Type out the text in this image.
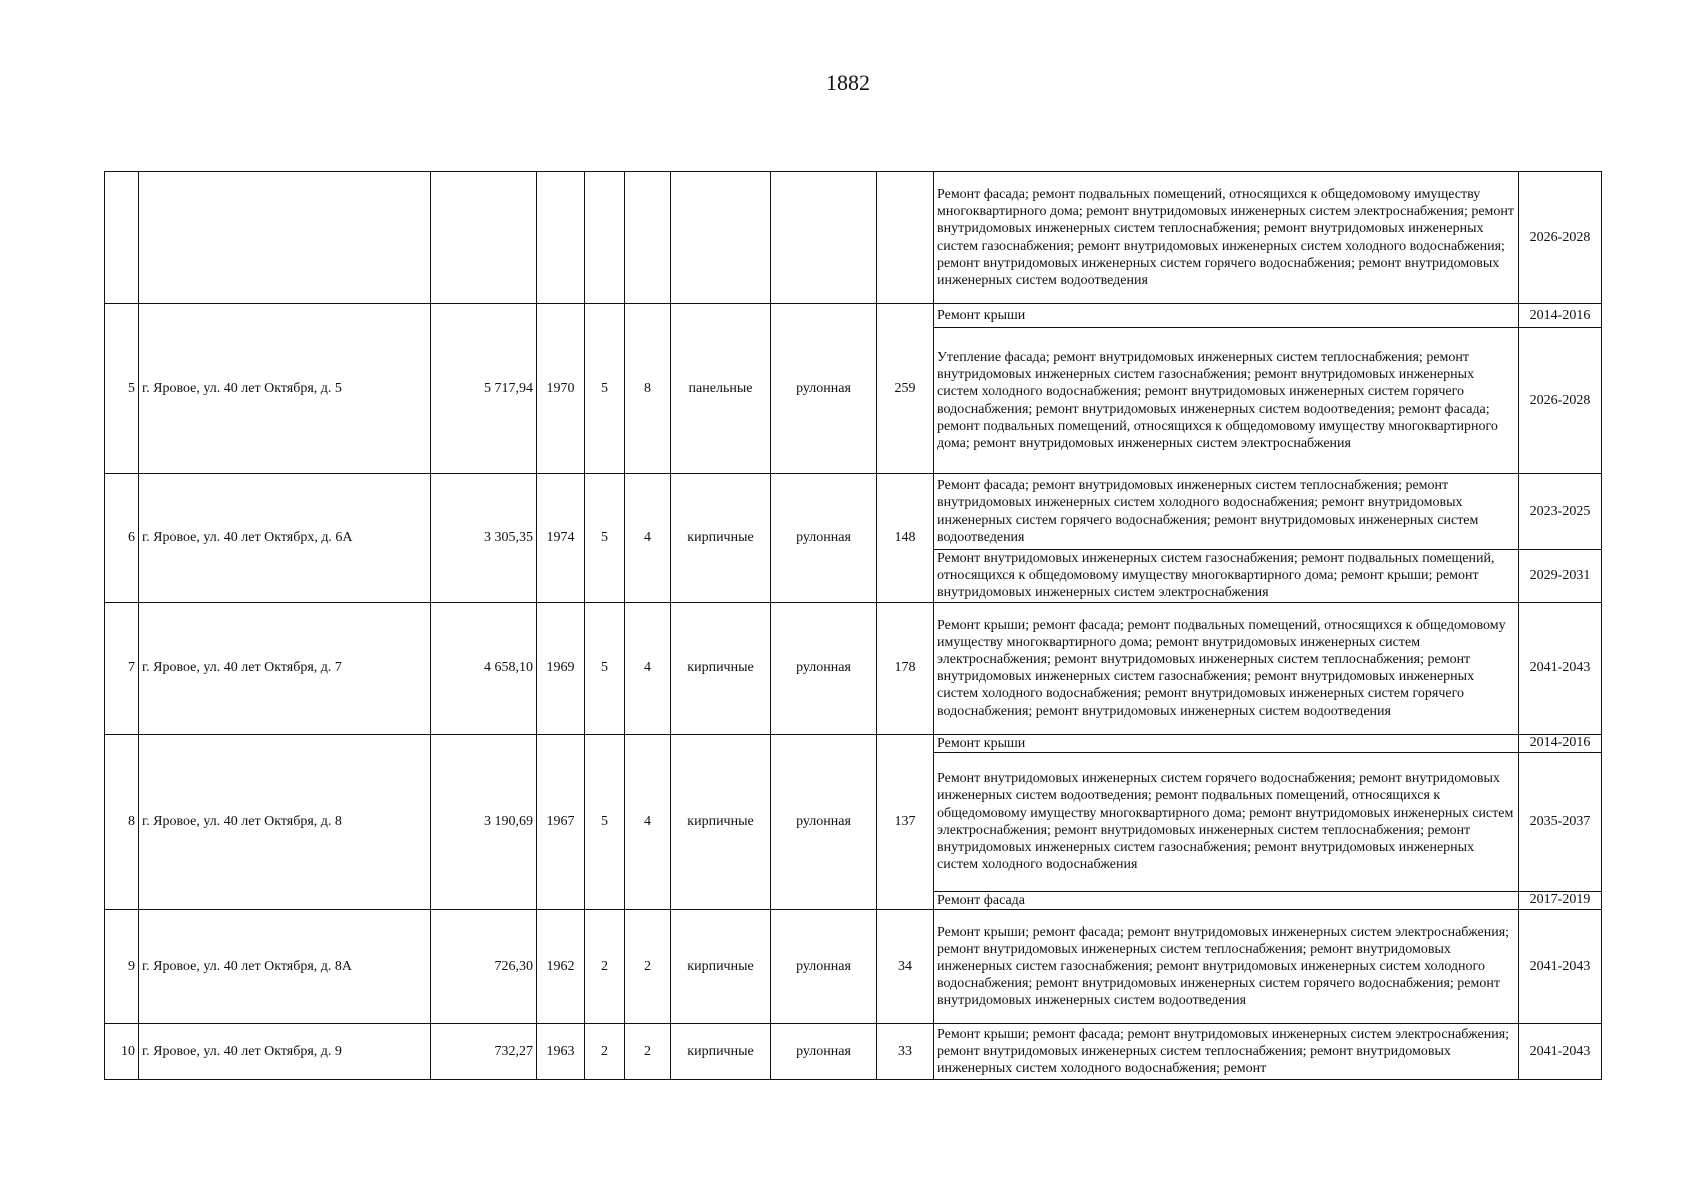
1882
									Ремонт фасада; ремонт подвальных помещений, относящихся к общедомовому имуществу многоквартирного дома; ремонт внутридомовых инженерных систем электроснабжения; ремонт внутридомовых инженерных систем теплоснабжения; ремонт внутридомовых инженерных систем газоснабжения; ремонт внутридомовых инженерных систем холодного водоснабжения; ремонт внутридомовых инженерных систем горячего водоснабжения; ремонт внутридомовых инженерных систем водоотведения	2026-2028
5	г. Яровое, ул. 40 лет Октября, д. 5	5 717,94	1970	5	8	панельные	рулонная	259	Ремонт крыши	2014-2016
									Утепление фасада; ремонт внутридомовых инженерных систем теплоснабжения; ремонт внутридомовых инженерных систем газоснабжения; ремонт внутридомовых инженерных систем холодного водоснабжения; ремонт внутридомовых инженерных систем горячего водоснабжения; ремонт внутридомовых инженерных систем водоотведения; ремонт фасада; ремонт подвальных помещений, относящихся к общедомовому имуществу многоквартирного дома; ремонт внутридомовых инженерных систем электроснабжения	2026-2028
6	г. Яровое, ул. 40 лет Октябрх, д. 6А	3 305,35	1974	5	4	кирпичные	рулонная	148	Ремонт фасада; ремонт внутридомовых инженерных систем теплоснабжения; ремонт внутридомовых инженерных систем холодного водоснабжения; ремонт внутридомовых инженерных систем горячего водоснабжения; ремонт внутридомовых инженерных систем водоотведения	2023-2025
									Ремонт внутридомовых инженерных систем газоснабжения; ремонт подвальных помещений, относящихся к общедомовому имуществу многоквартирного дома; ремонт крыши; ремонт внутридомовых инженерных систем электроснабжения	2029-2031
7	г. Яровое, ул. 40 лет Октября, д. 7	4 658,10	1969	5	4	кирпичные	рулонная	178	Ремонт крыши; ремонт фасада; ремонт подвальных помещений, относящихся к общедомовому имуществу многоквартирного дома; ремонт внутридомовых инженерных систем электроснабжения; ремонт внутридомовых инженерных систем теплоснабжения; ремонт внутридомовых инженерных систем газоснабжения; ремонт внутридомовых инженерных систем холодного водоснабжения; ремонт внутридомовых инженерных систем горячего водоснабжения; ремонт внутридомовых инженерных систем водоотведения	2041-2043
8	г. Яровое, ул. 40 лет Октября, д. 8	3 190,69	1967	5	4	кирпичные	рулонная	137	Ремонт крыши	2014-2016
									Ремонт внутридомовых инженерных систем горячего водоснабжения; ремонт внутридомовых инженерных систем водоотведения; ремонт подвальных помещений, относящихся к общедомовому имуществу многоквартирного дома; ремонт внутридомовых инженерных систем электроснабжения; ремонт внутридомовых инженерных систем теплоснабжения; ремонт внутридомовых инженерных систем газоснабжения; ремонт внутридомовых инженерных систем холодного водоснабжения	2035-2037
									Ремонт фасада	2017-2019
9	г. Яровое, ул. 40 лет Октября, д. 8А	726,30	1962	2	2	кирпичные	рулонная	34	Ремонт крыши; ремонт фасада; ремонт внутридомовых инженерных систем электроснабжения; ремонт внутридомовых инженерных систем теплоснабжения; ремонт внутридомовых инженерных систем газоснабжения; ремонт внутридомовых инженерных систем холодного водоснабжения; ремонт внутридомовых инженерных систем горячего водоснабжения; ремонт внутридомовых инженерных систем водоотведения	2041-2043
10	г. Яровое, ул. 40 лет Октября, д. 9	732,27	1963	2	2	кирпичные	рулонная	33	Ремонт крыши; ремонт фасада; ремонт внутридомовых инженерных систем электроснабжения; ремонт внутридомовых инженерных систем теплоснабжения; ремонт внутридомовых инженерных систем холодного водоснабжения; ремонт	2041-2043
